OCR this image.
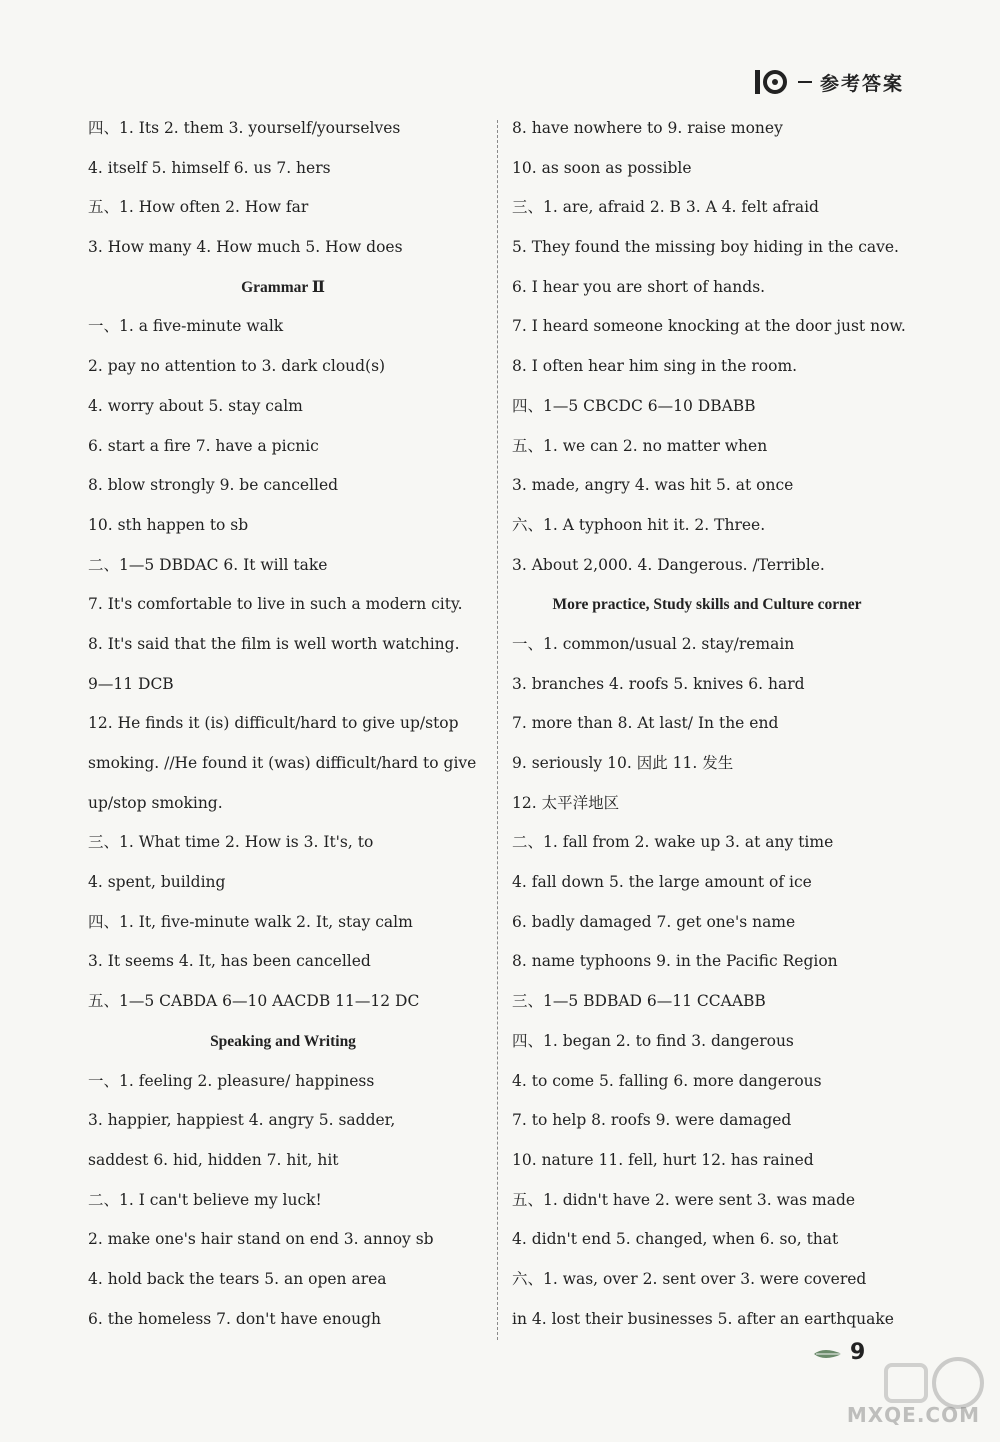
参考答案
四、1. Its 2. them 3. yourself/yourselves
4. itself 5. himself 6. us 7. hers
五、1. How often 2. How far
3. How many 4. How much 5. How does
Grammar Ⅱ
一、1. a five-minute walk
2. pay no attention to 3. dark cloud(s)
4. worry about 5. stay calm
6. start a fire 7. have a picnic
8. blow strongly 9. be cancelled
10. sth happen to sb
二、1—5 DBDAC 6. It will take
7. It's comfortable to live in such a modern city.
8. It's said that the film is well worth watching.
9—11 DCB
12. He finds it (is) difficult/hard to give up/stop
smoking. //He found it (was) difficult/hard to give
up/stop smoking.
三、1. What time 2. How is 3. It's, to
4. spent, building
四、1. It, five-minute walk 2. It, stay calm
3. It seems 4. It, has been cancelled
五、1—5 CABDA 6—10 AACDB 11—12 DC
Speaking and Writing
一、1. feeling 2. pleasure/ happiness
3. happier, happiest 4. angry 5. sadder,
saddest 6. hid, hidden 7. hit, hit
二、1. I can't believe my luck!
2. make one's hair stand on end 3. annoy sb
4. hold back the tears 5. an open area
6. the homeless 7. don't have enough
8. have nowhere to 9. raise money
10. as soon as possible
三、1. are, afraid 2. B 3. A 4. felt afraid
5. They found the missing boy hiding in the cave.
6. I hear you are short of hands.
7. I heard someone knocking at the door just now.
8. I often hear him sing in the room.
四、1—5 CBCDC 6—10 DBABB
五、1. we can 2. no matter when
3. made, angry 4. was hit 5. at once
六、1. A typhoon hit it. 2. Three.
3. About 2,000. 4. Dangerous. /Terrible.
More practice, Study skills and Culture corner
一、1. common/usual 2. stay/remain
3. branches 4. roofs 5. knives 6. hard
7. more than 8. At last/ In the end
9. seriously 10. 因此 11. 发生
12. 太平洋地区
二、1. fall from 2. wake up 3. at any time
4. fall down 5. the large amount of ice
6. badly damaged 7. get one's name
8. name typhoons 9. in the Pacific Region
三、1—5 BDBAD 6—11 CCAABB
四、1. began 2. to find 3. dangerous
4. to come 5. falling 6. more dangerous
7. to help 8. roofs 9. were damaged
10. nature 11. fell, hurt 12. has rained
五、1. didn't have 2. were sent 3. was made
4. didn't end 5. changed, when 6. so, that
六、1. was, over 2. sent over 3. were covered
in 4. lost their businesses 5. after an earthquake
9
MXQE.COM
